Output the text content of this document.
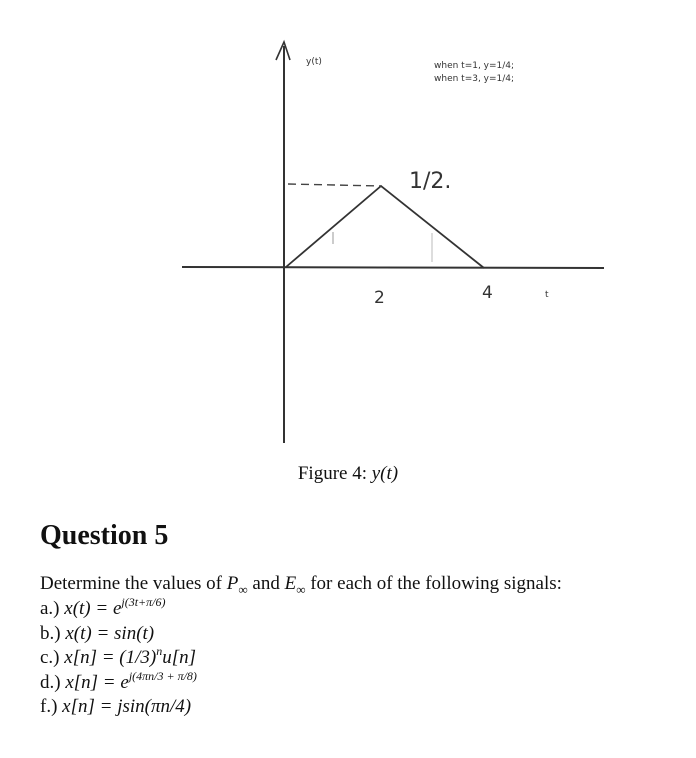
y(t)	when t=1, y=1/4;
when t=3, y=1/4;
1/2.
2	4	t
Figure 4: y(t)
Question 5
Determine the values of $P_\infty$ and $E_\infty$ for each of the following signals:
a.) $x(t) = e^{j(3t+\pi/6)}$
b.) x(t) = sin(t)
c.) $x[n] = (1/3)^nu[n]$
d.) $x[n] = e^{j(4\pi n/3 + \pi/8)}$
f.) x[n] = jsin(πn/4)
